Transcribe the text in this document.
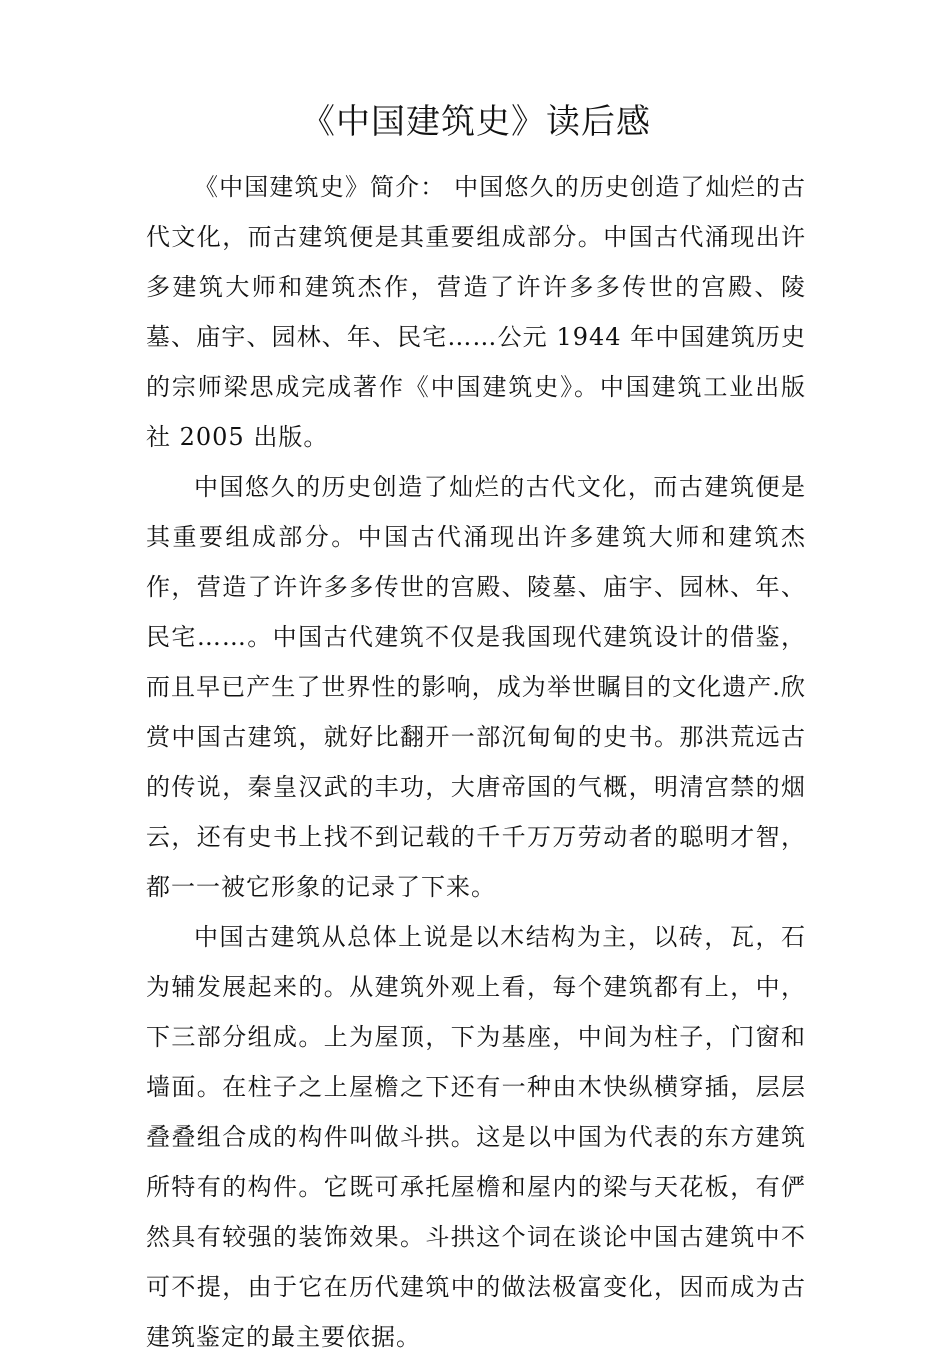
《中国建筑史》读后感

《中国建筑史》简介： 中国悠久的历史创造了灿烂的古代文化，而古建筑便是其重要组成部分。中国古代涌现出许多建筑大师和建筑杰作，营造了许许多多传世的宫殿、陵墓、庙宇、园林、年、民宅……公元 1944 年中国建筑历史的宗师梁思成完成著作《中国建筑史》。中国建筑工业出版社 2005 出版。

中国悠久的历史创造了灿烂的古代文化，而古建筑便是其重要组成部分。中国古代涌现出许多建筑大师和建筑杰作，营造了许许多多传世的宫殿、陵墓、庙宇、园林、年、民宅……。中国古代建筑不仅是我国现代建筑设计的借鉴，而且早已产生了世界性的影响，成为举世瞩目的文化遗产.欣赏中国古建筑，就好比翻开一部沉甸甸的史书。那洪荒远古的传说，秦皇汉武的丰功，大唐帝国的气概，明清宫禁的烟云，还有史书上找不到记载的千千万万劳动者的聪明才智，都一一被它形象的记录了下来。

中国古建筑从总体上说是以木结构为主，以砖，瓦，石为辅发展起来的。从建筑外观上看，每个建筑都有上，中，下三部分组成。上为屋顶，下为基座，中间为柱子，门窗和墙面。在柱子之上屋檐之下还有一种由木快纵横穿插，层层叠叠组合成的构件叫做斗拱。这是以中国为代表的东方建筑所特有的构件。它既可承托屋檐和屋内的梁与天花板，有俨然具有较强的装饰效果。斗拱这个词在谈论中国古建筑中不可不提，由于它在历代建筑中的做法极富变化，因而成为古建筑鉴定的最主要依据。
